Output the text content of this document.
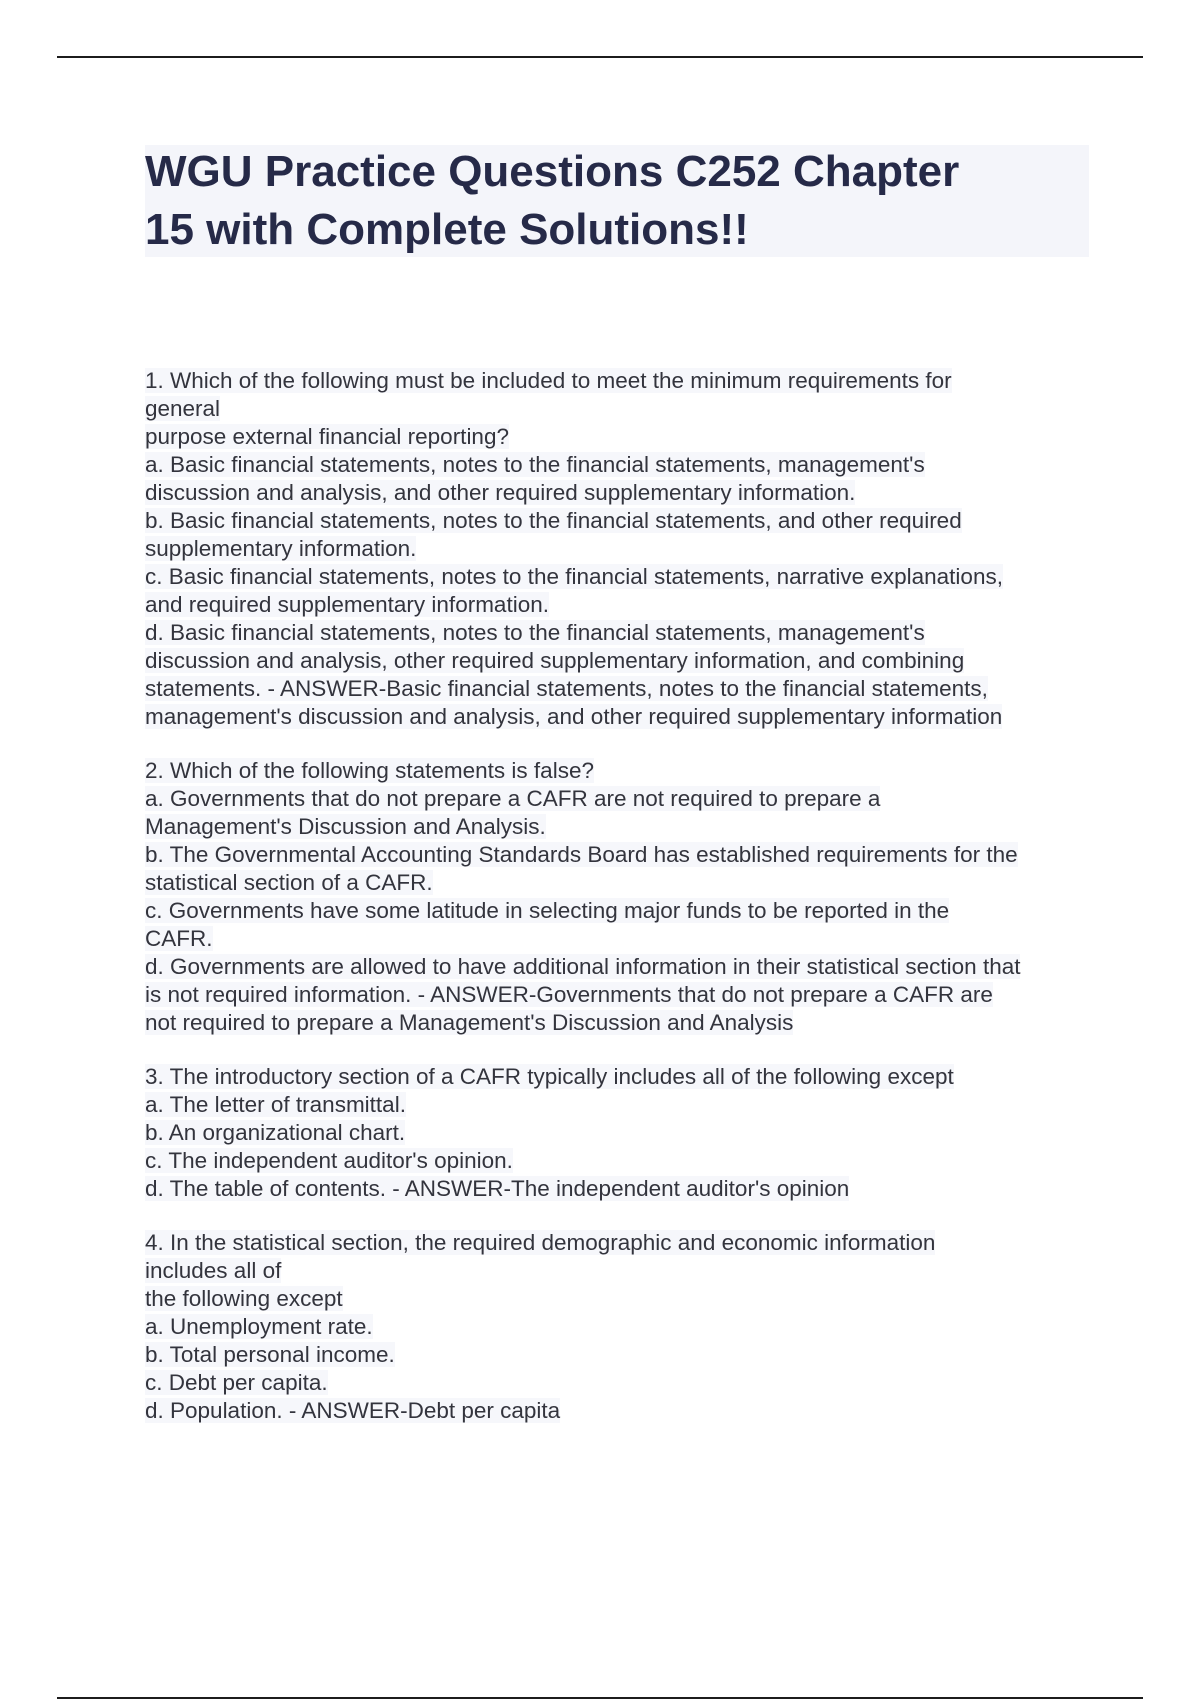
WGU Practice Questions C252 Chapter
15 with Complete Solutions!!
1. Which of the following must be included to meet the minimum requirements for
general
purpose external financial reporting?
a. Basic financial statements, notes to the financial statements, management's
discussion and analysis, and other required supplementary information.
b. Basic financial statements, notes to the financial statements, and other required
supplementary information.
c. Basic financial statements, notes to the financial statements, narrative explanations,
and required supplementary information.
d. Basic financial statements, notes to the financial statements, management's
discussion and analysis, other required supplementary information, and combining
statements. - ANSWER-Basic financial statements, notes to the financial statements,
management's discussion and analysis, and other required supplementary information
2. Which of the following statements is false?
a. Governments that do not prepare a CAFR are not required to prepare a
Management's Discussion and Analysis.
b. The Governmental Accounting Standards Board has established requirements for the
statistical section of a CAFR.
c. Governments have some latitude in selecting major funds to be reported in the
CAFR.
d. Governments are allowed to have additional information in their statistical section that
is not required information. - ANSWER-Governments that do not prepare a CAFR are
not required to prepare a Management's Discussion and Analysis
3. The introductory section of a CAFR typically includes all of the following except
a. The letter of transmittal.
b. An organizational chart.
c. The independent auditor's opinion.
d. The table of contents. - ANSWER-The independent auditor's opinion
4. In the statistical section, the required demographic and economic information
includes all of
the following except
a. Unemployment rate.
b. Total personal income.
c. Debt per capita.
d. Population. - ANSWER-Debt per capita
